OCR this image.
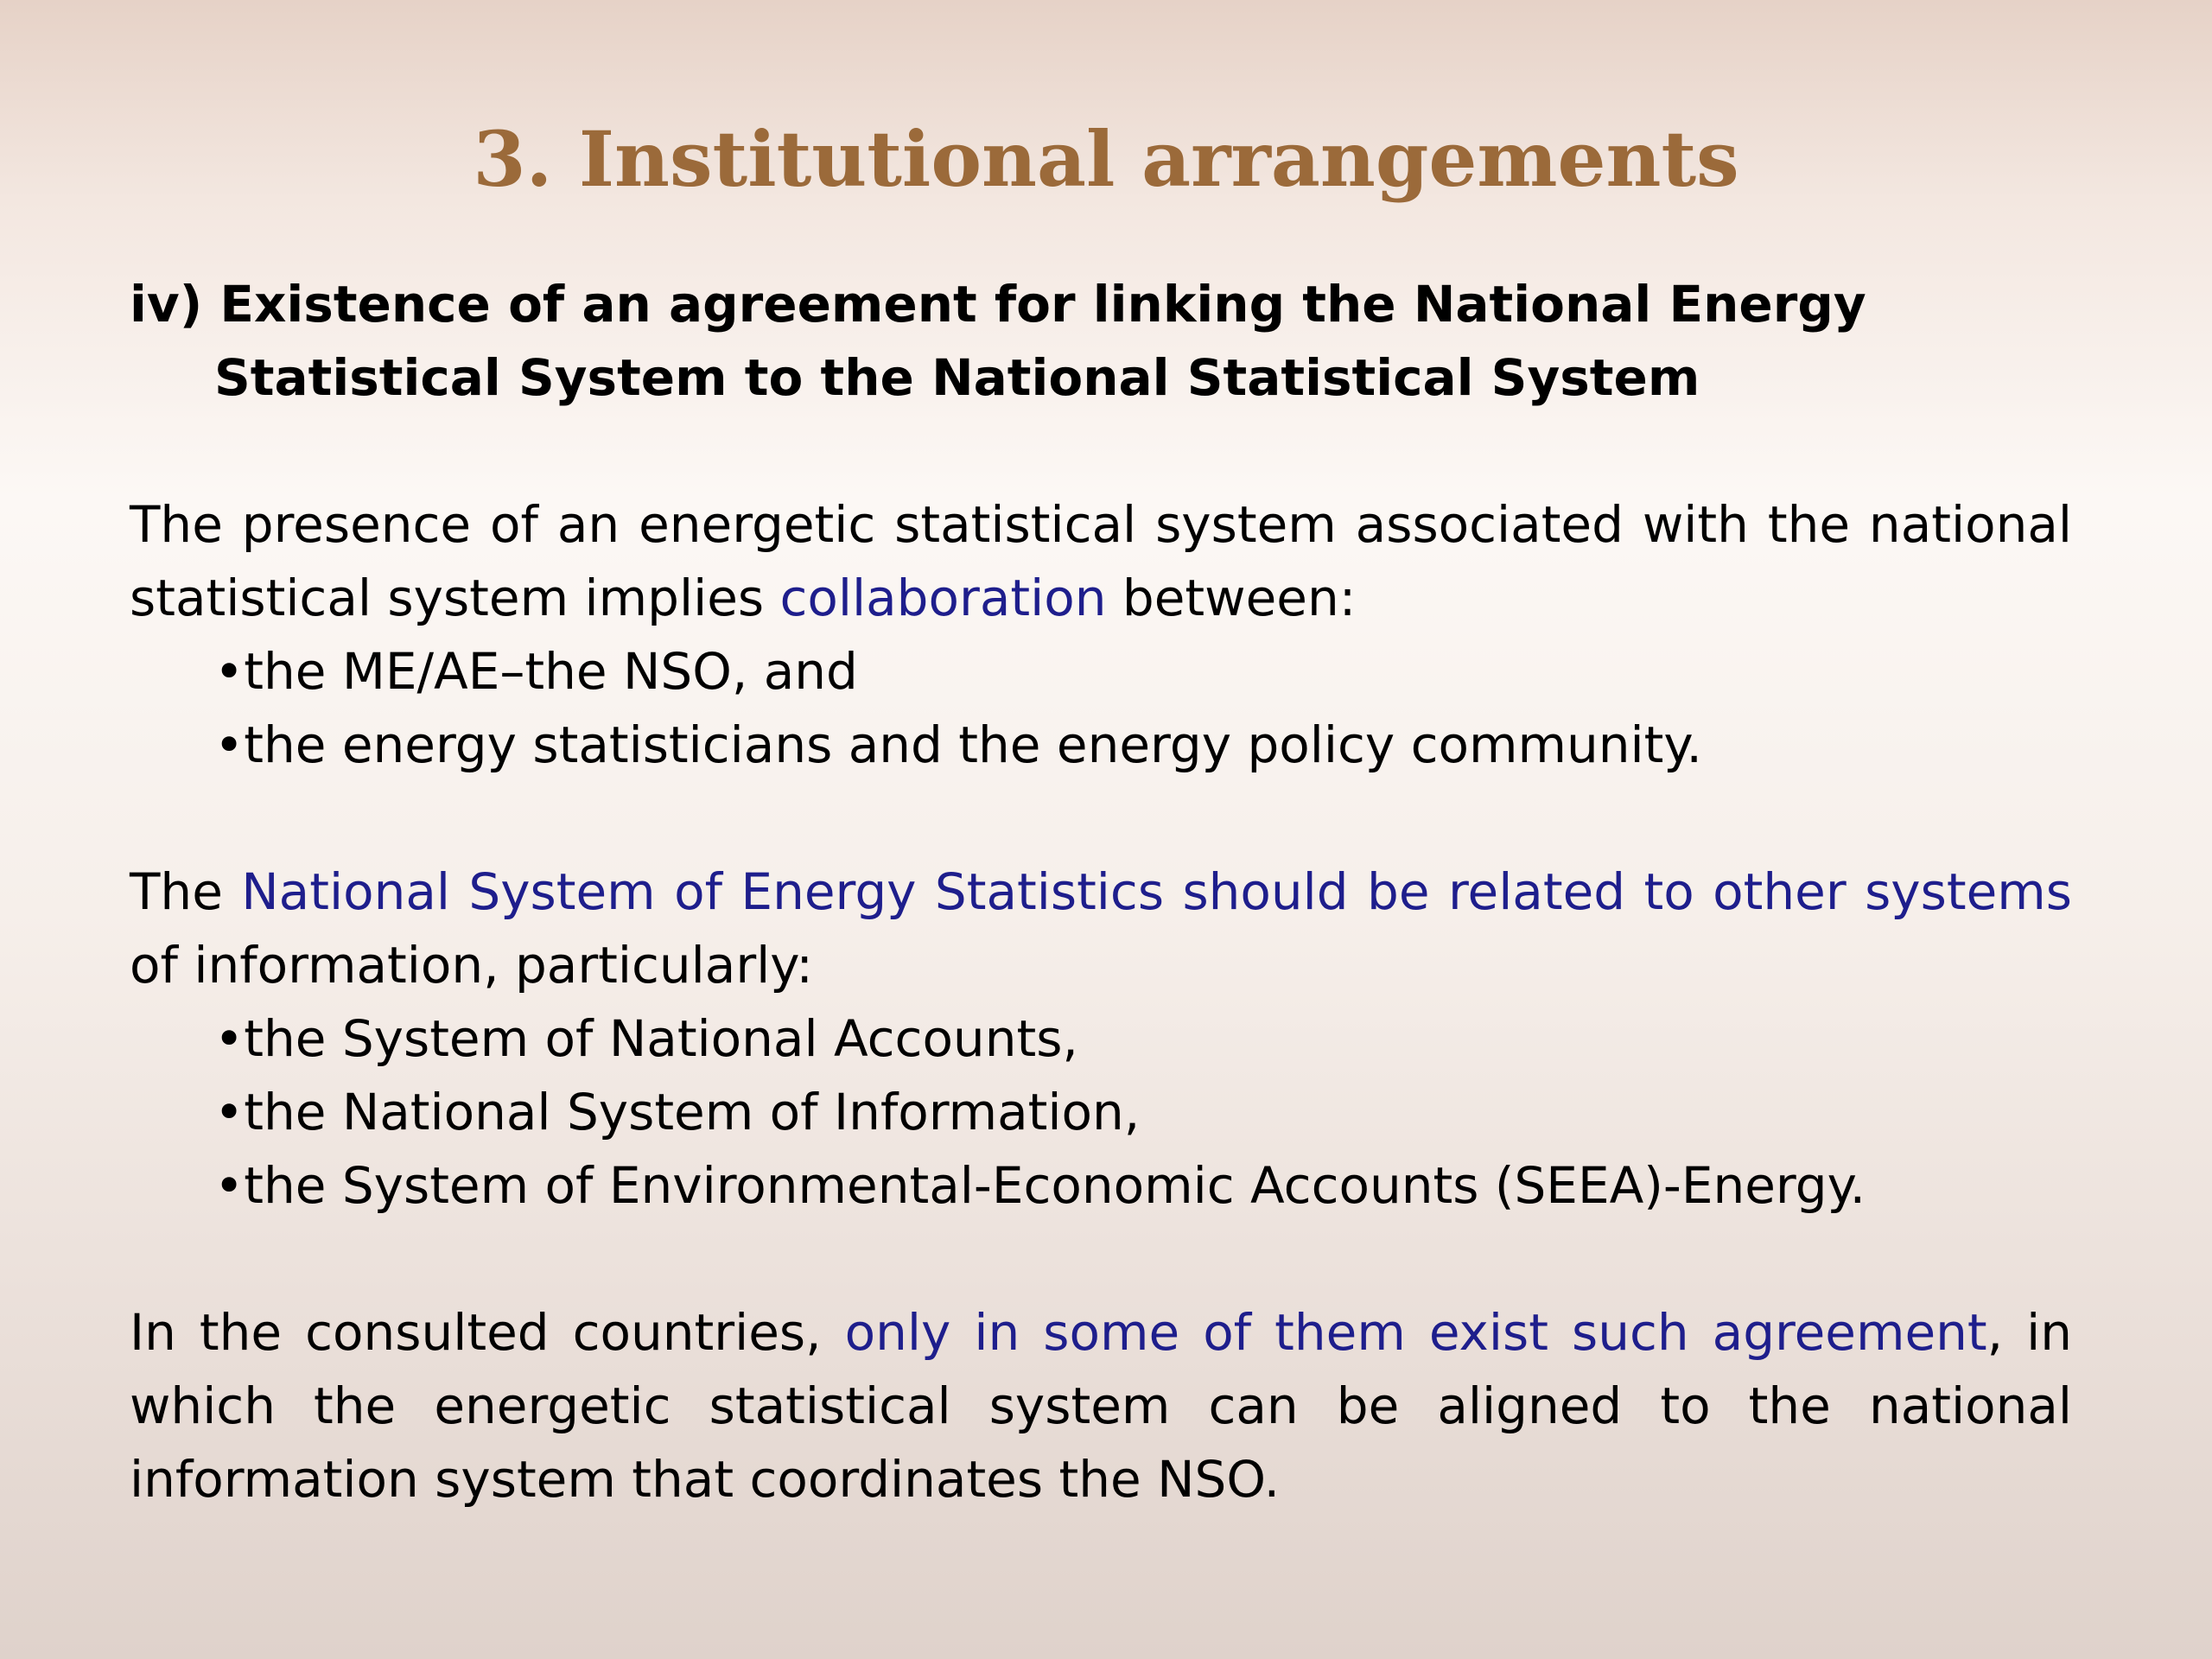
3. Institutional arrangements

iv) Existence of an agreement for linking the National Energy Statistical System to the National Statistical System

The presence of an energetic statistical system associated with the national statistical system implies collaboration between:

•the ME/AE–the NSO, and
•the energy statisticians and the energy policy community.

The National System of Energy Statistics should be related to other systems of information, particularly:

•the System of National Accounts,
•the National System of Information,
•the System of Environmental-Economic Accounts (SEEA)-Energy.

In the consulted countries, only in some of them exist such agreement, in which the energetic statistical system can be aligned to the national information system that coordinates the NSO.
